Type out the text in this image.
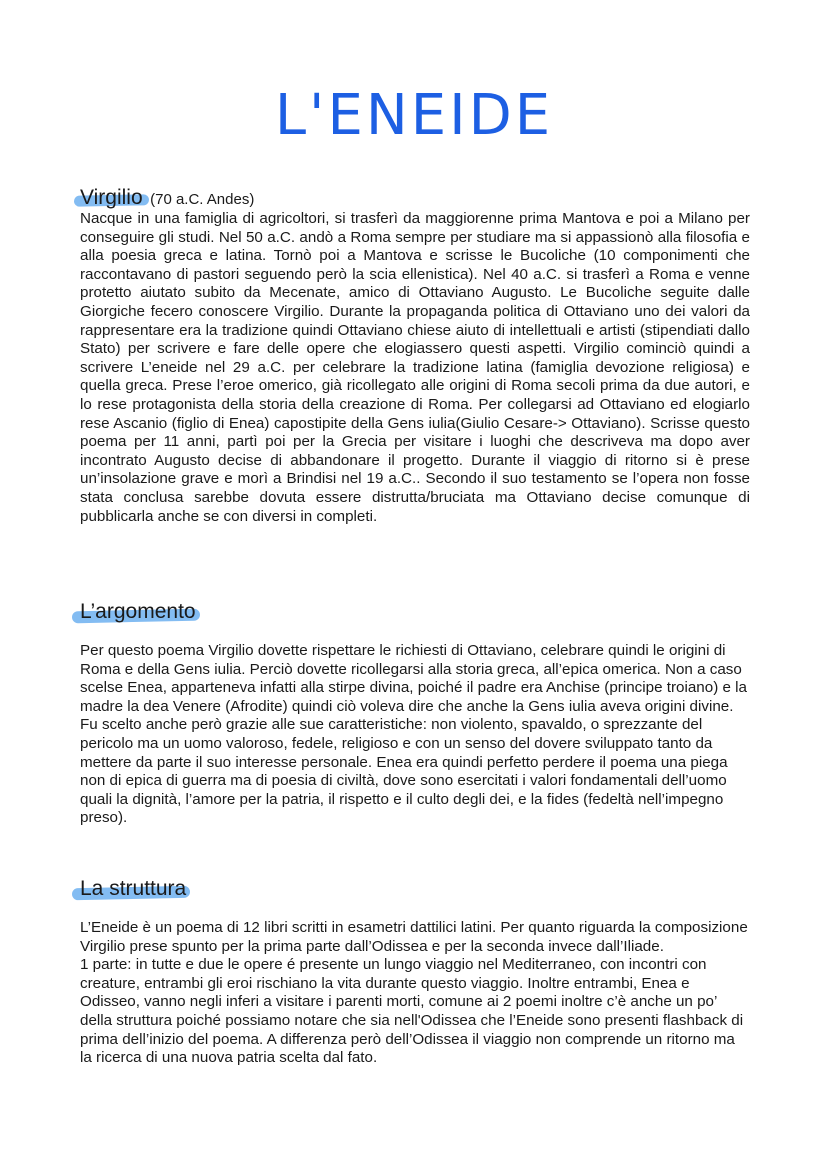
L'ENEIDE
Virgilio (70 a.C. Andes)

Nacque in una famiglia di agricoltori, si trasferì da maggiorenne prima Mantova e poi a Milano per conseguire gli studi. Nel 50 a.C. andò a Roma sempre per studiare ma si appassionò alla filosofia e alla poesia greca e latina. Tornò poi a Mantova e scrisse le Bucoliche (10 componimenti che raccontavano di pastori seguendo però la scia ellenistica). Nel 40 a.C. si trasferì a Roma e venne protetto aiutato subito da Mecenate, amico di Ottaviano Augusto. Le Bucoliche seguite dalle Giorgiche fecero conoscere Virgilio. Durante la propaganda politica di Ottaviano uno dei valori da rappresentare era la tradizione quindi Ottaviano chiese aiuto di intellettuali e artisti (stipendiati dallo Stato) per scrivere e fare delle opere che elogiassero questi aspetti. Virgilio cominciò quindi a scrivere L’eneide nel 29 a.C. per celebrare la tradizione latina (famiglia devozione religiosa) e quella greca. Prese l’eroe omerico, già ricollegato alle origini di Roma secoli prima da due autori, e lo rese protagonista della storia della creazione di Roma. Per collegarsi ad Ottaviano ed elogiarlo rese Ascanio (figlio di Enea) capostipite della Gens iulia(Giulio Cesare-> Ottaviano). Scrisse questo poema per 11 anni, partì poi per la Grecia per visitare i luoghi che descriveva ma dopo aver incontrato Augusto decise di abbandonare il progetto. Durante il viaggio di ritorno si è prese un’insolazione grave e morì a Brindisi nel 19 a.C.. Secondo il suo testamento se l’opera non fosse stata conclusa sarebbe dovuta essere distrutta/bruciata ma Ottaviano decise comunque di pubblicarla anche se con diversi in completi.

L’argomento

Per questo poema Virgilio dovette rispettare le richiesti di Ottaviano, celebrare quindi le origini di Roma e della Gens iulia. Perciò dovette ricollegarsi alla storia greca, all’epica omerica. Non a caso scelse Enea, apparteneva infatti alla stirpe divina, poiché il padre era Anchise (principe troiano) e la madre la dea Venere (Afrodite) quindi ciò voleva dire che anche la Gens iulia aveva origini divine. Fu scelto anche però grazie alle sue caratteristiche: non violento, spavaldo, o sprezzante del pericolo ma un uomo valoroso, fedele, religioso e con un senso del dovere sviluppato tanto da mettere da parte il suo interesse personale. Enea era quindi perfetto perdere il poema una piega non di epica di guerra ma di poesia di civiltà, dove sono esercitati i valori fondamentali dell’uomo quali la dignità, l’amore per la patria, il rispetto e il culto degli dei, e la fides (fedeltà nell’impegno preso).

La struttura

L’Eneide è un poema di 12 libri scritti in esametri dattilici latini. Per quanto riguarda la composizione Virgilio prese spunto per la prima parte dall’Odissea e per la seconda invece dall’Iliade.

1 parte: in tutte e due le opere é presente un lungo viaggio nel Mediterraneo, con incontri con creature, entrambi gli eroi rischiano la vita durante questo viaggio. Inoltre entrambi, Enea e Odisseo, vanno negli inferi a visitare i parenti morti, comune ai 2 poemi inoltre c’è anche un po’ della struttura poiché possiamo notare che sia nell'Odissea che l’Eneide sono presenti flashback di prima dell’inizio del poema. A differenza però dell’Odissea il viaggio non comprende un ritorno ma la ricerca di una nuova patria scelta dal fato.
